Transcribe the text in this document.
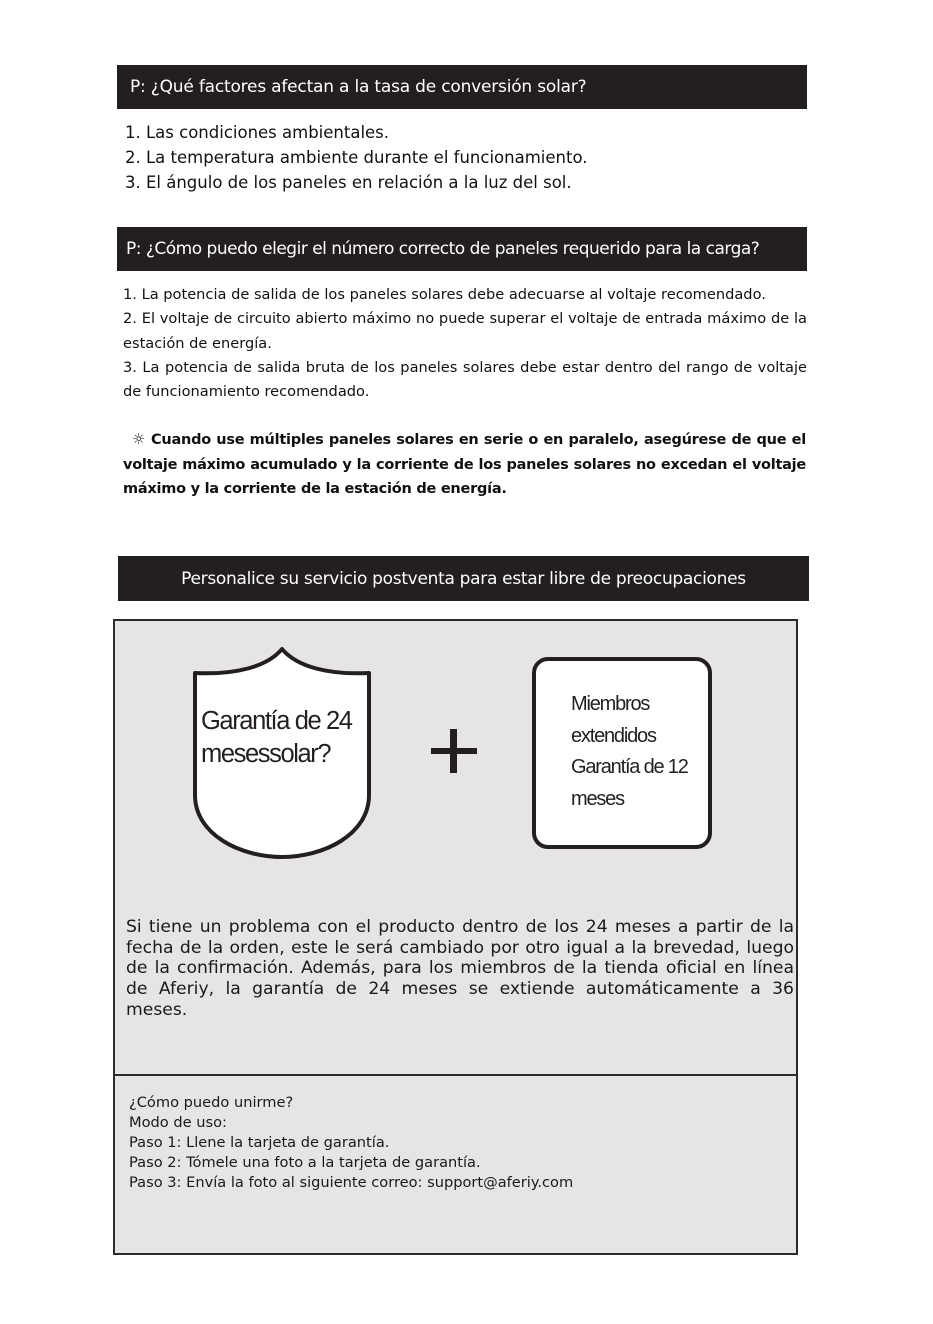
P: ¿Qué factores afectan a la tasa de conversión solar?
1. Las condiciones ambientales.
2. La temperatura ambiente durante el funcionamiento.
3. El ángulo de los paneles en relación a la luz del sol.
P: ¿Cómo puedo elegir el número correcto de paneles requerido para la carga?
1. La potencia de salida de los paneles solares debe adecuarse al voltaje recomendado.
2. El voltaje de circuito abierto máximo no puede superar el voltaje de entrada máximo de la estación de energía.
3. La potencia de salida bruta de los paneles solares debe estar dentro del rango de voltaje de funcionamiento recomendado.
☼ Cuando use múltiples paneles solares en serie o en paralelo, asegúrese de que el voltaje máximo acumulado y la corriente de los paneles solares no excedan el voltaje máximo y la corriente de la estación de energía.
Personalice su servicio postventa para estar libre de preocupaciones
Garantía de 24
mesessolar?
Miembros
extendidos
Garantía de 12
meses
Si tiene un problema con el producto dentro de los 24 meses a partir de la fecha de la orden, este le será cambiado por otro igual a la brevedad, luego de la confirmación. Además, para los miembros de la tienda oficial en línea de Aferiy, la garantía de 24 meses se extiende automáticamente a 36 meses.
¿Cómo puedo unirme?
Modo de uso:
Paso 1: Llene la tarjeta de garantía.
Paso 2: Tómele una foto a la tarjeta de garantía.
Paso 3: Envía la foto al siguiente correo: support@aferiy.com
